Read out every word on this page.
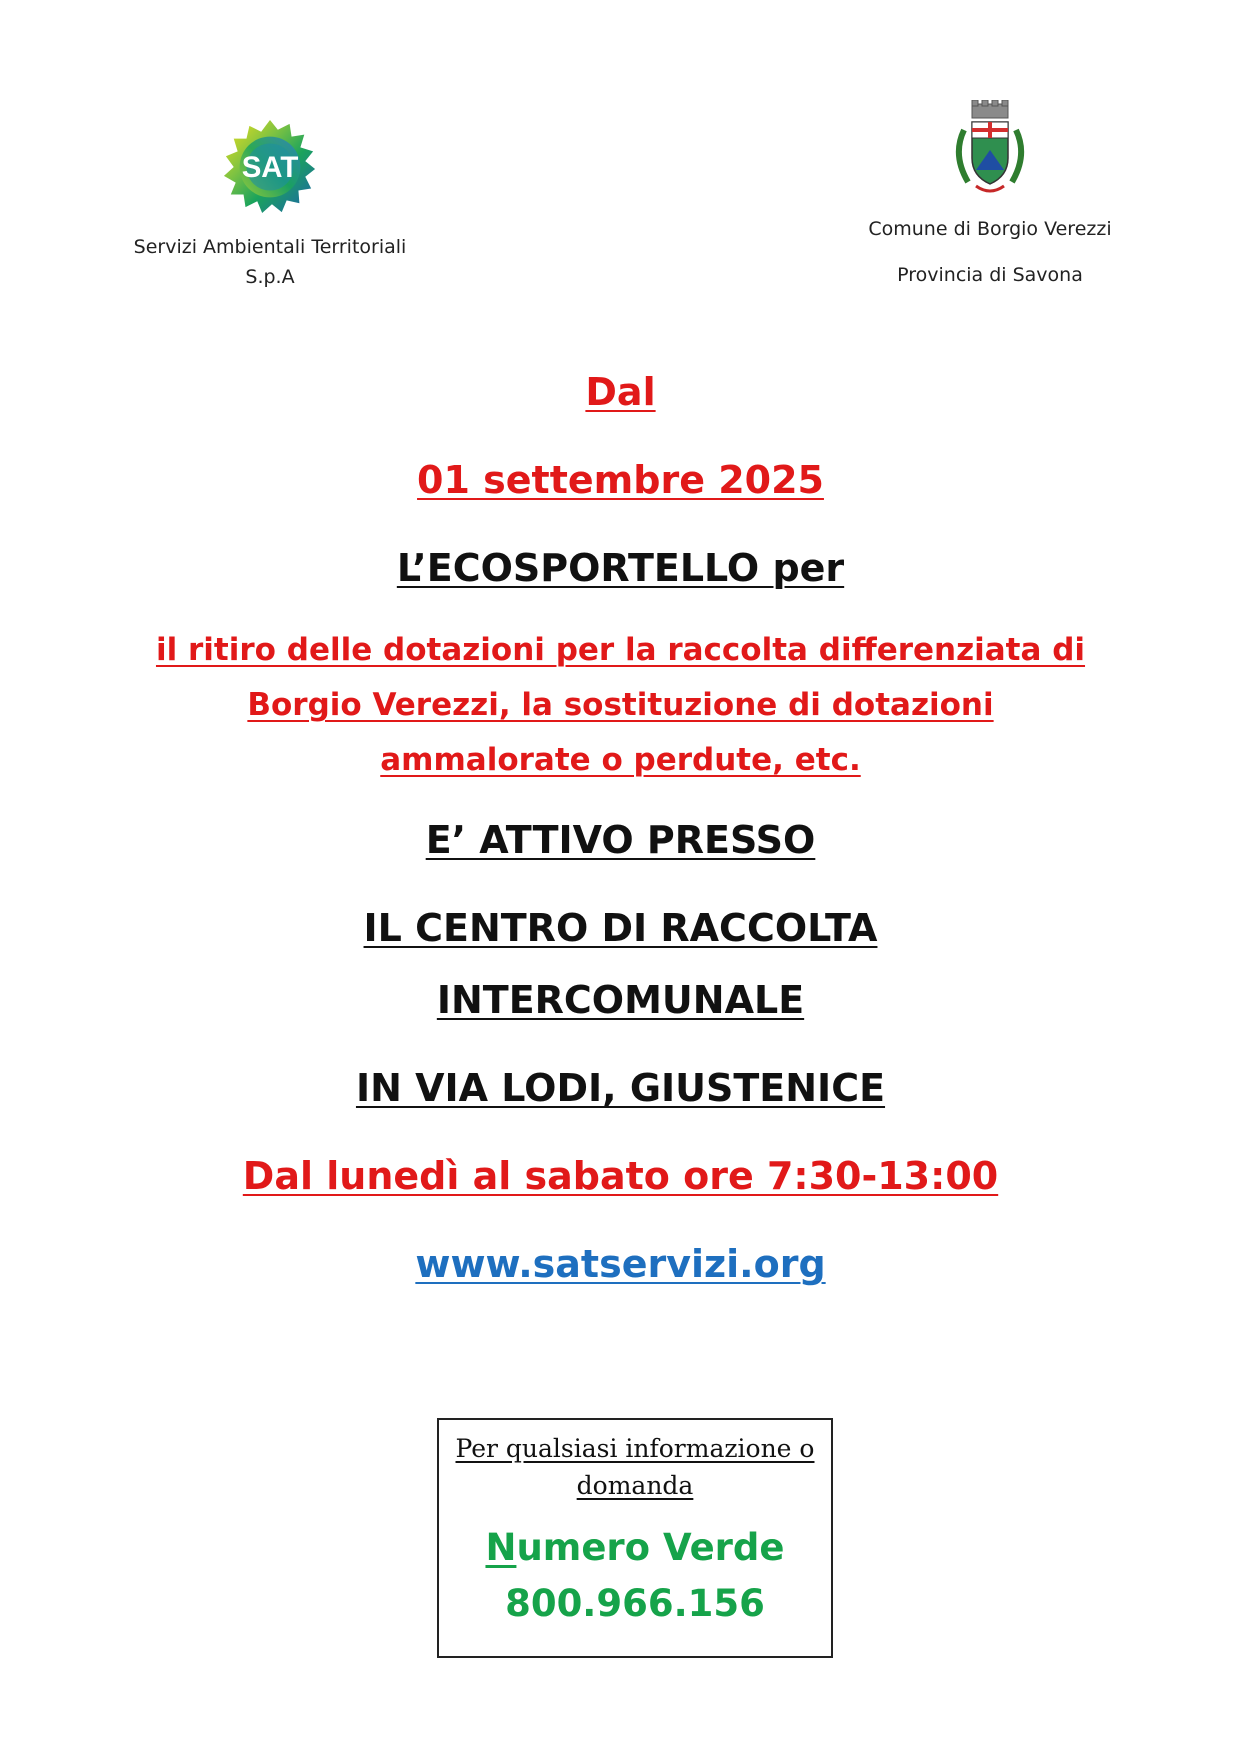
SAT
Servizi Ambientali Territoriali
S.p.A
Comune di Borgio Verezzi
Provincia di Savona
Dal
01 settembre 2025
L’ECOSPORTELLO per
il ritiro delle dotazioni per la raccolta differenziata di
Borgio Verezzi, la sostituzione di dotazioni
ammalorate o perdute, etc.
E’ ATTIVO PRESSO
IL CENTRO DI RACCOLTA
INTERCOMUNALE
IN VIA LODI, GIUSTENICE
Dal lunedì al sabato ore 7:30-13:00
www.satservizi.org
Per qualsiasi informazione o
domanda
Numero Verde
800.966.156
